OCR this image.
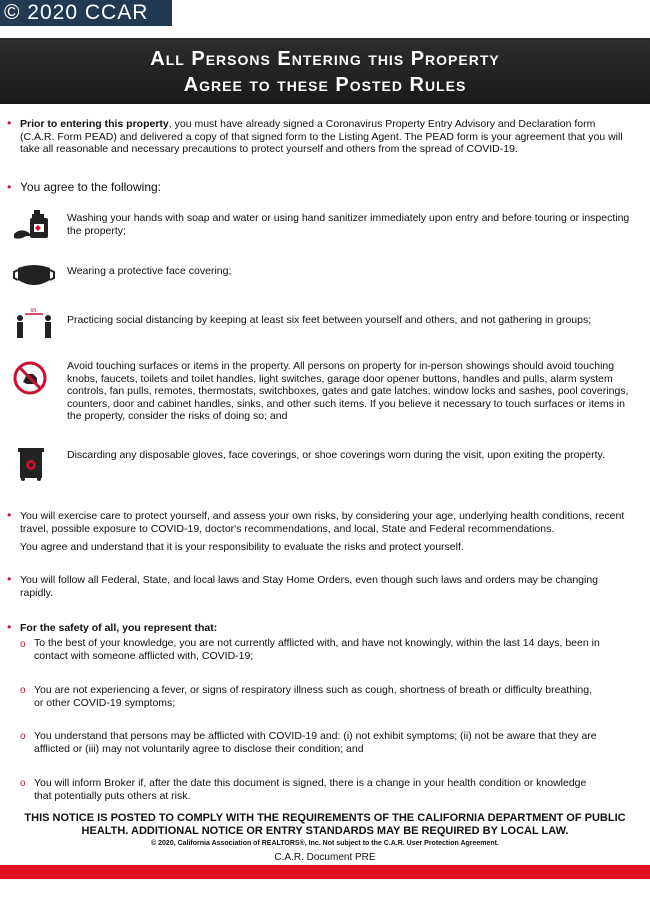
© 2020 CCAR
All Persons Entering this Property
Agree to these Posted Rules
• Prior to entering this property, you must have already signed a Coronavirus Property Entry Advisory and Declaration form (C.A.R. Form PEAD) and delivered a copy of that signed form to the Listing Agent. The PEAD form is your agreement that you will take all reasonable and necessary precautions to protect yourself and others from the spread of COVID-19.
• You agree to the following:
Washing your hands with soap and water or using hand sanitizer immediately upon entry and before touring or inspecting the property;
Wearing a protective face covering;
6ft.
Practicing social distancing by keeping at least six feet between yourself and others, and not gathering in groups;
Avoid touching surfaces or items in the property. All persons on property for in-person showings should avoid touching knobs, faucets, toilets and toilet handles, light switches, garage door opener buttons, handles and pulls, alarm system controls, fan pulls, remotes, thermostats, switchboxes, gates and gate latches, window locks and sashes, pool coverings, counters, door and cabinet handles, sinks, and other such items. If you believe it necessary to touch surfaces or items in the property, consider the risks of doing so; and
Discarding any disposable gloves, face coverings, or shoe coverings worn during the visit, upon exiting the property.
• You will exercise care to protect yourself, and assess your own risks, by considering your age, underlying health conditions, recent travel, possible exposure to COVID-19, doctor's recommendations, and local, State and Federal recommendations.
You agree and understand that it is your responsibility to evaluate the risks and protect yourself.
• You will follow all Federal, State, and local laws and Stay Home Orders, even though such laws and orders may be changing rapidly.
• For the safety of all, you represent that:
o To the best of your knowledge, you are not currently afflicted with, and have not knowingly, within the last 14 days, been in contact with someone afflicted with, COVID-19;
o You are not experiencing a fever, or signs of respiratory illness such as cough, shortness of breath or difficulty breathing, or other COVID-19 symptoms;
o You understand that persons may be afflicted with COVID-19 and: (i) not exhibit symptoms; (ii) not be aware that they are afflicted or (iii) may not voluntarily agree to disclose their condition; and
o You will inform Broker if, after the date this document is signed, there is a change in your health condition or knowledge that potentially puts others at risk.
THIS NOTICE IS POSTED TO COMPLY WITH THE REQUIREMENTS OF THE CALIFORNIA DEPARTMENT OF PUBLIC HEALTH. ADDITIONAL NOTICE OR ENTRY STANDARDS MAY BE REQUIRED BY LOCAL LAW.
© 2020, California Association of REALTORS®, Inc. Not subject to the C.A.R. User Protection Agreement.
C.A.R. Document PRE
